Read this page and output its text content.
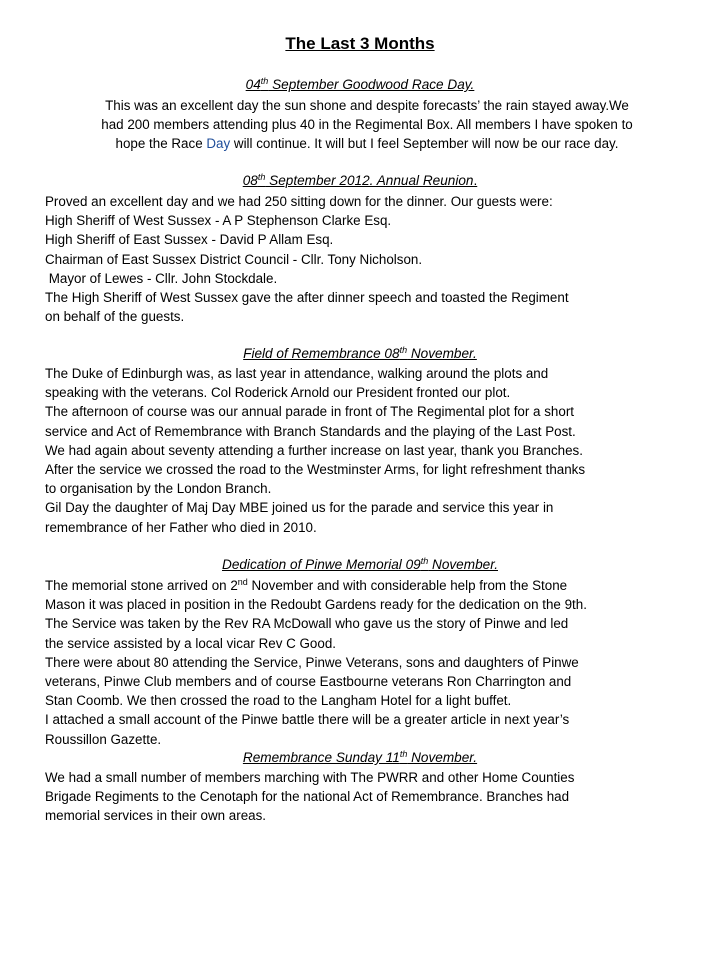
The Last 3 Months
04th September Goodwood Race Day.
This was an excellent day the sun shone and despite forecasts’ the rain stayed away.We
had 200 members attending plus 40 in the Regimental Box. All members I have spoken to
hope the Race Day will continue. It will but I feel September will now be our race day.
08th September 2012. Annual Reunion.
Proved an excellent day and we had 250 sitting down for the dinner. Our guests were:
High Sheriff of West Sussex - A P Stephenson Clarke Esq.
High Sheriff of East Sussex - David P Allam Esq.
Chairman of East Sussex District Council - Cllr. Tony Nicholson.
Mayor of Lewes - Cllr. John Stockdale.
The High Sheriff of West Sussex gave the after dinner speech and toasted the Regiment
on behalf of the guests.
Field of Remembrance 08th November.
The Duke of Edinburgh was, as last year in attendance, walking around the plots and
speaking with the veterans. Col Roderick Arnold our President fronted our plot.
The afternoon of course was our annual parade in front of The Regimental plot for a short
service and Act of Remembrance with Branch Standards and the playing of the Last Post.
We had again about seventy attending a further increase on last year, thank you Branches.
After the service we crossed the road to the Westminster Arms, for light refreshment thanks
to organisation by the London Branch.
Gil Day the daughter of Maj Day MBE joined us for the parade and service this year in
remembrance of her Father who died in 2010.
Dedication of Pinwe Memorial 09th November.
The memorial stone arrived on 2nd November and with considerable help from the Stone
Mason it was placed in position in the Redoubt Gardens ready for the dedication on the 9th.
The Service was taken by the Rev RA McDowall who gave us the story of Pinwe and led
the service assisted by a local vicar Rev C Good.
There were about 80 attending the Service, Pinwe Veterans, sons and daughters of Pinwe
veterans, Pinwe Club members and of course Eastbourne veterans Ron Charrington and
Stan Coomb. We then crossed the road to the Langham Hotel for a light buffet.
I attached a small account of the Pinwe battle there will be a greater article in next year’s
Roussillon Gazette.
Remembrance Sunday 11th November.
We had a small number of members marching with The PWRR and other Home Counties
Brigade Regiments to the Cenotaph for the national Act of Remembrance. Branches had
memorial services in their own areas.
